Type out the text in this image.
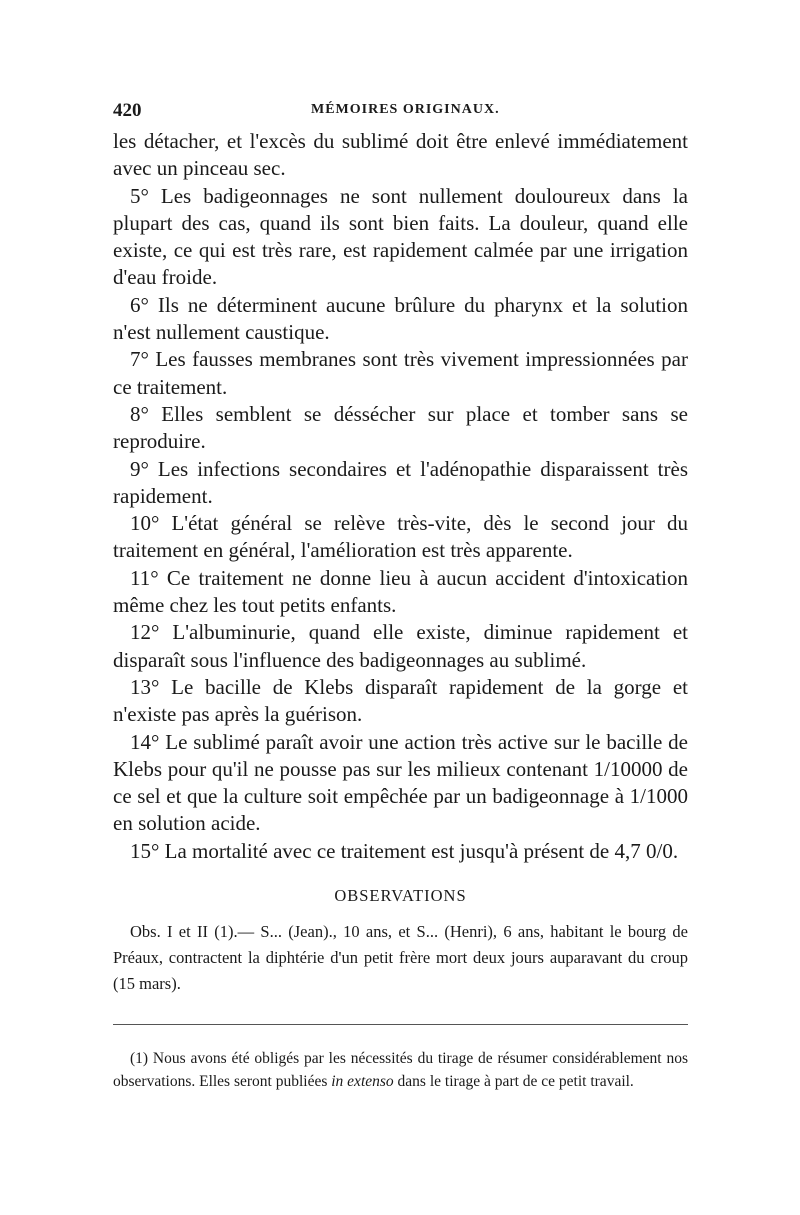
420	MÉMOIRES ORIGINAUX.

les détacher, et l'excès du sublimé doit être enlevé immédiatement avec un pinceau sec.

5° Les badigeonnages ne sont nullement douloureux dans la plupart des cas, quand ils sont bien faits. La douleur, quand elle existe, ce qui est très rare, est rapidement calmée par une irrigation d'eau froide.

6° Ils ne déterminent aucune brûlure du pharynx et la solution n'est nullement caustique.

7° Les fausses membranes sont très vivement impressionnées par ce traitement.

8° Elles semblent se déssécher sur place et tomber sans se reproduire.

9° Les infections secondaires et l'adénopathie disparaissent très rapidement.

10° L'état général se relève très-vite, dès le second jour du traitement en général, l'amélioration est très apparente.

11° Ce traitement ne donne lieu à aucun accident d'intoxication même chez les tout petits enfants.

12° L'albuminurie, quand elle existe, diminue rapidement et disparaît sous l'influence des badigeonnages au sublimé.

13° Le bacille de Klebs disparaît rapidement de la gorge et n'existe pas après la guérison.

14° Le sublimé paraît avoir une action très active sur le bacille de Klebs pour qu'il ne pousse pas sur les milieux contenant 1/10000 de ce sel et que la culture soit empêchée par un badigeonnage à 1/1000 en solution acide.

15° La mortalité avec ce traitement est jusqu'à présent de 4,7 0/0.

OBSERVATIONS

Obs. I et II (1).— S... (Jean)., 10 ans, et S... (Henri), 6 ans, habitant le bourg de Préaux, contractent la diphtérie d'un petit frère mort deux jours auparavant du croup (15 mars).

(1) Nous avons été obligés par les nécessités du tirage de résumer considérablement nos observations. Elles seront publiées in extenso dans le tirage à part de ce petit travail.
